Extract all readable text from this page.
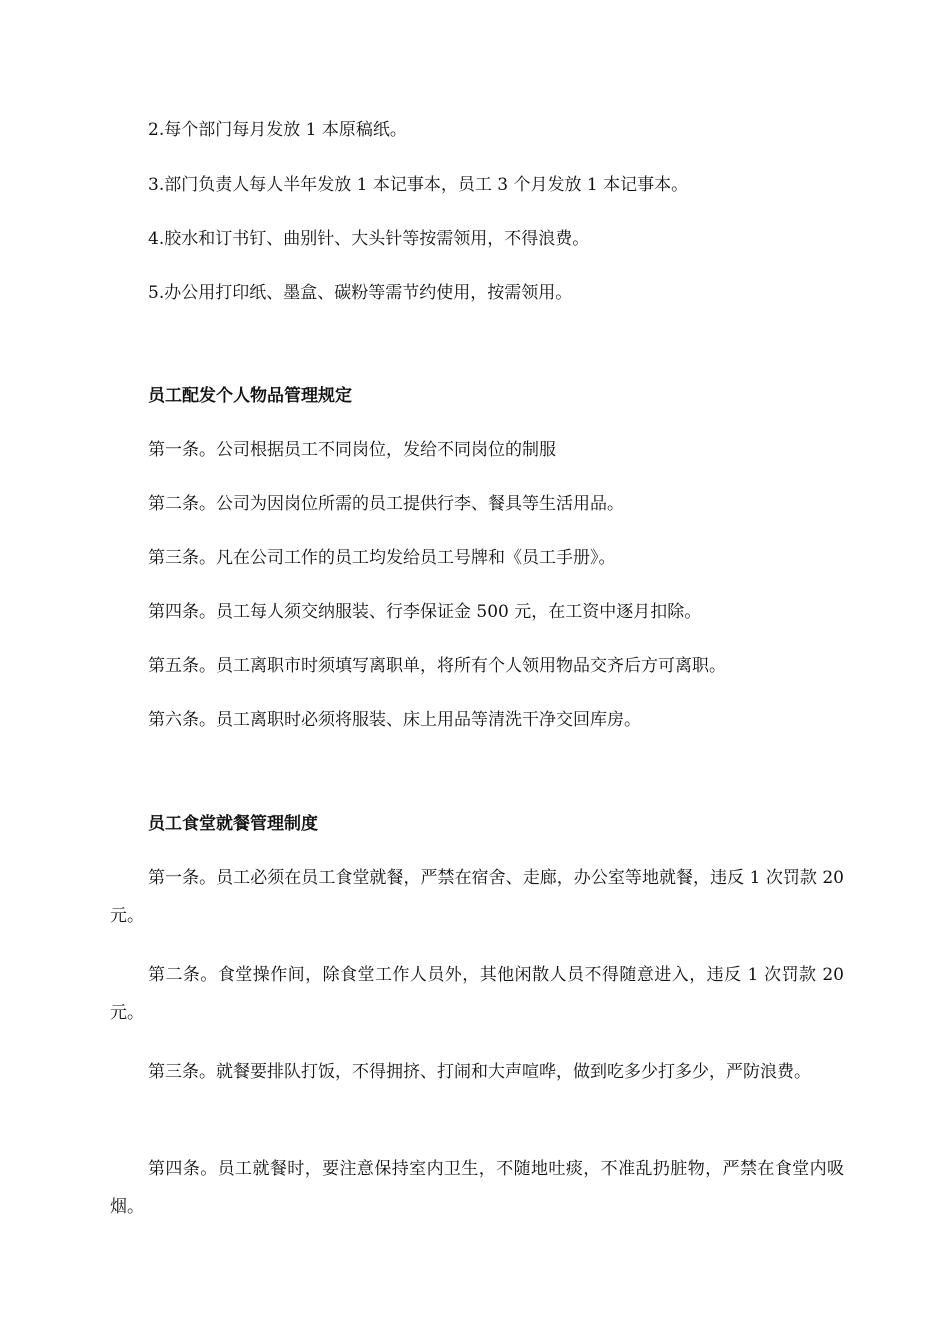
2.每个部门每月发放 1 本原稿纸。
3.部门负责人每人半年发放 1 本记事本，员工 3 个月发放 1 本记事本。
4.胶水和订书钉、曲别针、大头针等按需领用，不得浪费。
5.办公用打印纸、墨盒、碳粉等需节约使用，按需领用。
员工配发个人物品管理规定
第一条。公司根据员工不同岗位，发给不同岗位的制服
第二条。公司为因岗位所需的员工提供行李、餐具等生活用品。
第三条。凡在公司工作的员工均发给员工号牌和《员工手册》。
第四条。员工每人须交纳服装、行李保证金 500 元，在工资中逐月扣除。
第五条。员工离职市时须填写离职单，将所有个人领用物品交齐后方可离职。
第六条。员工离职时必须将服装、床上用品等清洗干净交回库房。
员工食堂就餐管理制度
第一条。员工必须在员工食堂就餐，严禁在宿舍、走廊，办公室等地就餐，违反 1 次罚款 20 元。
第二条。食堂操作间，除食堂工作人员外，其他闲散人员不得随意进入，违反 1 次罚款 20 元。
第三条。就餐要排队打饭，不得拥挤、打闹和大声喧哗，做到吃多少打多少，严防浪费。
第四条。员工就餐时，要注意保持室内卫生，不随地吐痰，不准乱扔脏物，严禁在食堂内吸烟。
